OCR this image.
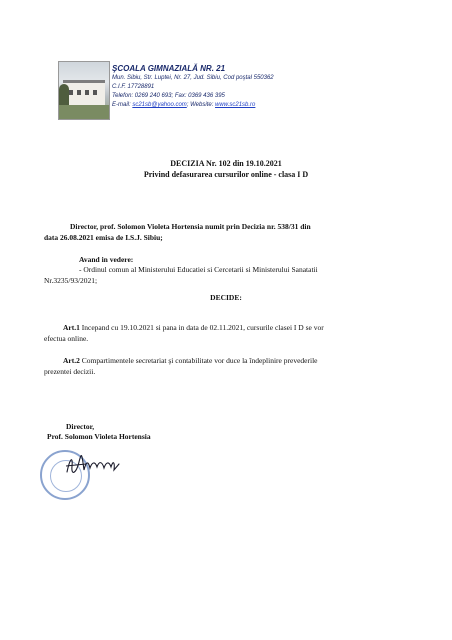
ŞCOALA GIMNAZIALĂ NR. 21
Mun. Sibiu, Str. Luptei, Nr. 27, Jud. Sibiu, Cod poştal 550362
C.I.F. 17728891
Telefon: 0269 240 693; Fax: 0369 436 395
E-mail: sc21sb@yahoo.com; Website: www.sc21sb.ro
DECIZIA Nr. 102 din 19.10.2021
Privind defasurarea cursurilor online - clasa I D
Director, prof. Solomon Violeta Hortensia numit prin Decizia nr. 538/31 din
data 26.08.2021 emisa de I.S.J. Sibiu;
Avand in vedere:
- Ordinul comun al Ministerului Educatiei si Cercetarii si Ministerului Sanatatii
Nr.3235/93/2021;
DECIDE:
Art.1 Incepand cu 19.10.2021 si pana in data de 02.11.2021, cursurile clasei I D se vor
efectua online.
Art.2 Compartimentele secretariat şi contabilitate vor duce la îndeplinire prevederile
prezentei decizii.
Director,
Prof. Solomon Violeta Hortensia
